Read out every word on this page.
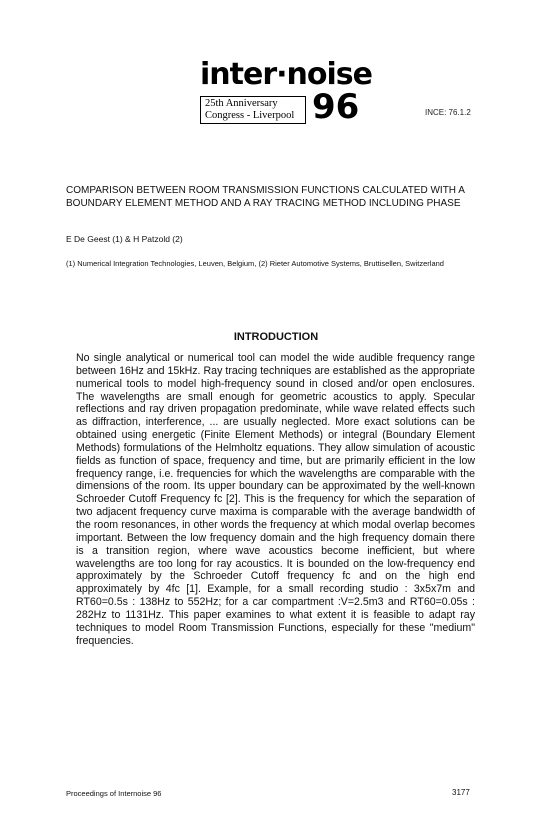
inter·noise
25th Anniversary
Congress - Liverpool 96	INCE: 76.1.2
COMPARISON BETWEEN ROOM TRANSMISSION FUNCTIONS CALCULATED WITH A BOUNDARY ELEMENT METHOD AND A RAY TRACING METHOD INCLUDING PHASE
E De Geest (1) & H Patzold (2)
(1) Numerical Integration Technologies, Leuven, Belgium, (2) Rieter Automotive Systems, Bruttisellen, Switzerland
INTRODUCTION

No single analytical or numerical tool can model the wide audible frequency range between 16Hz and 15kHz. Ray tracing techniques are established as the appropriate numerical tools to model high-frequency sound in closed and/or open enclosures. The wavelengths are small enough for geometric acoustics to apply. Specular reflections and ray driven propagation predominate, while wave related effects such as diffraction, interference, ... are usually neglected. More exact solutions can be obtained using energetic (Finite Element Methods) or integral (Boundary Element Methods) formulations of the Helmholtz equations. They allow simulation of acoustic fields as function of space, frequency and time, but are primarily efficient in the low frequency range, i.e. frequencies for which the wavelengths are comparable with the dimensions of the room. Its upper boundary can be approximated by the well-known Schroeder Cutoff Frequency fc [2]. This is the frequency for which the separation of two adjacent frequency curve maxima is comparable with the average bandwidth of the room resonances, in other words the frequency at which modal overlap becomes important. Between the low frequency domain and the high frequency domain there is a transition region, where wave acoustics become inefficient, but where wavelengths are too long for ray acoustics. It is bounded on the low-frequency end approximately by the Schroeder Cutoff frequency fc and on the high end approximately by 4fc [1]. Example, for a small recording studio : 3x5x7m and RT60=0.5s : 138Hz to 552Hz; for a car compartment :V=2.5m3 and RT60=0.05s : 282Hz to 1131Hz. This paper examines to what extent it is feasible to adapt ray techniques to model Room Transmission Functions, especially for these "medium" frequencies.

Proceedings of Internoise 96	3177
